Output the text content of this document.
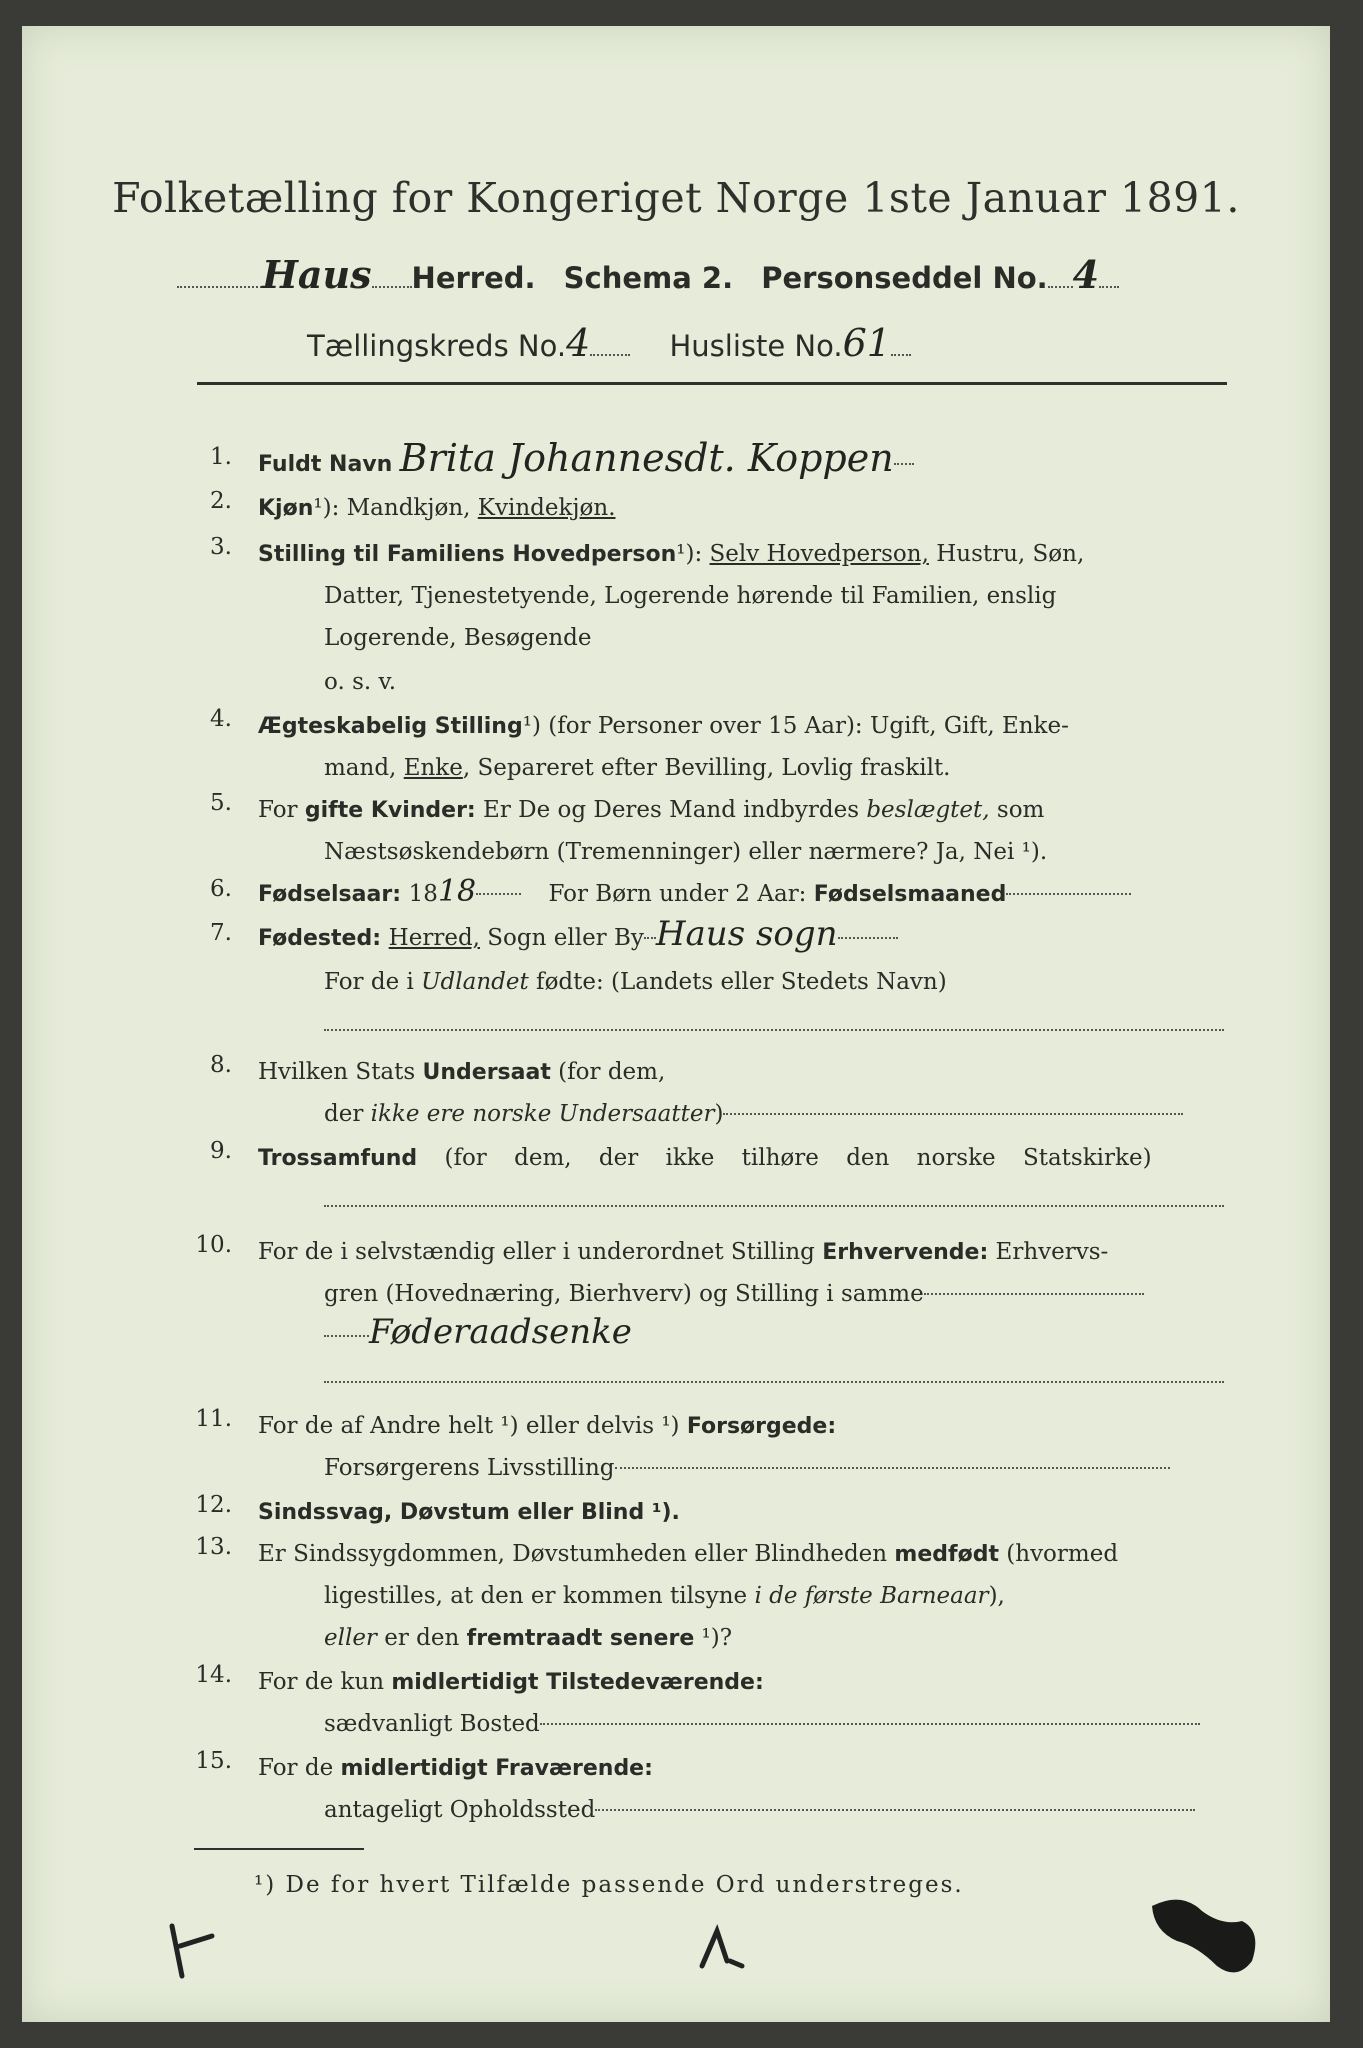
Folketælling for Kongeriget Norge 1ste Januar 1891.
Haus Herred. Schema 2. Personseddel No. 4
Tællingskreds No.4	Husliste No.61
1. Fuldt Navn Brita Johannesdt. Koppen
2. Kjøn¹): Mandkjøn, Kvindekjøn.
3. Stilling til Familiens Hovedperson¹): Selv Hovedperson, Hustru, Søn,
Datter, Tjenestetyende, Logerende hørende til Familien, enslig
Logerende, Besøgende
o. s. v.
4. Ægteskabelig Stilling¹) (for Personer over 15 Aar): Ugift, Gift, Enke-
mand, Enke, Separeret efter Bevilling, Lovlig fraskilt.
5. For gifte Kvinder: Er De og Deres Mand indbyrdes beslægtet, som
Næstsøskendebørn (Tremenninger) eller nærmere? Ja, Nei ¹).
6. Fødselsaar: 1818	For Børn under 2 Aar: Fødselsmaaned
7. Fødested: Herred, Sogn eller By Haus sogn
For de i Udlandet fødte: (Landets eller Stedets Navn)
8. Hvilken Stats Undersaat (for dem,
der ikke ere norske Undersaatter)
9. Trossamfund (for dem, der ikke tilhøre den norske Statskirke)
10. For de i selvstændig eller i underordnet Stilling Erhvervende: Erhvervs-
gren (Hovednæring, Bierhverv) og Stilling i samme
Føderaadsenke
11. For de af Andre helt ¹) eller delvis ¹) Forsørgede:
Forsørgerens Livsstilling
12. Sindssvag, Døvstum eller Blind ¹).
13. Er Sindssygdommen, Døvstumheden eller Blindheden medfødt (hvormed
ligestilles, at den er kommen tilsyne i de første Barneaar),
eller er den fremtraadt senere ¹)?
14. For de kun midlertidigt Tilstedeværende:
sædvanligt Bosted
15. For de midlertidigt Fraværende:
antageligt Opholdssted
¹) De for hvert Tilfælde passende Ord understreges.
